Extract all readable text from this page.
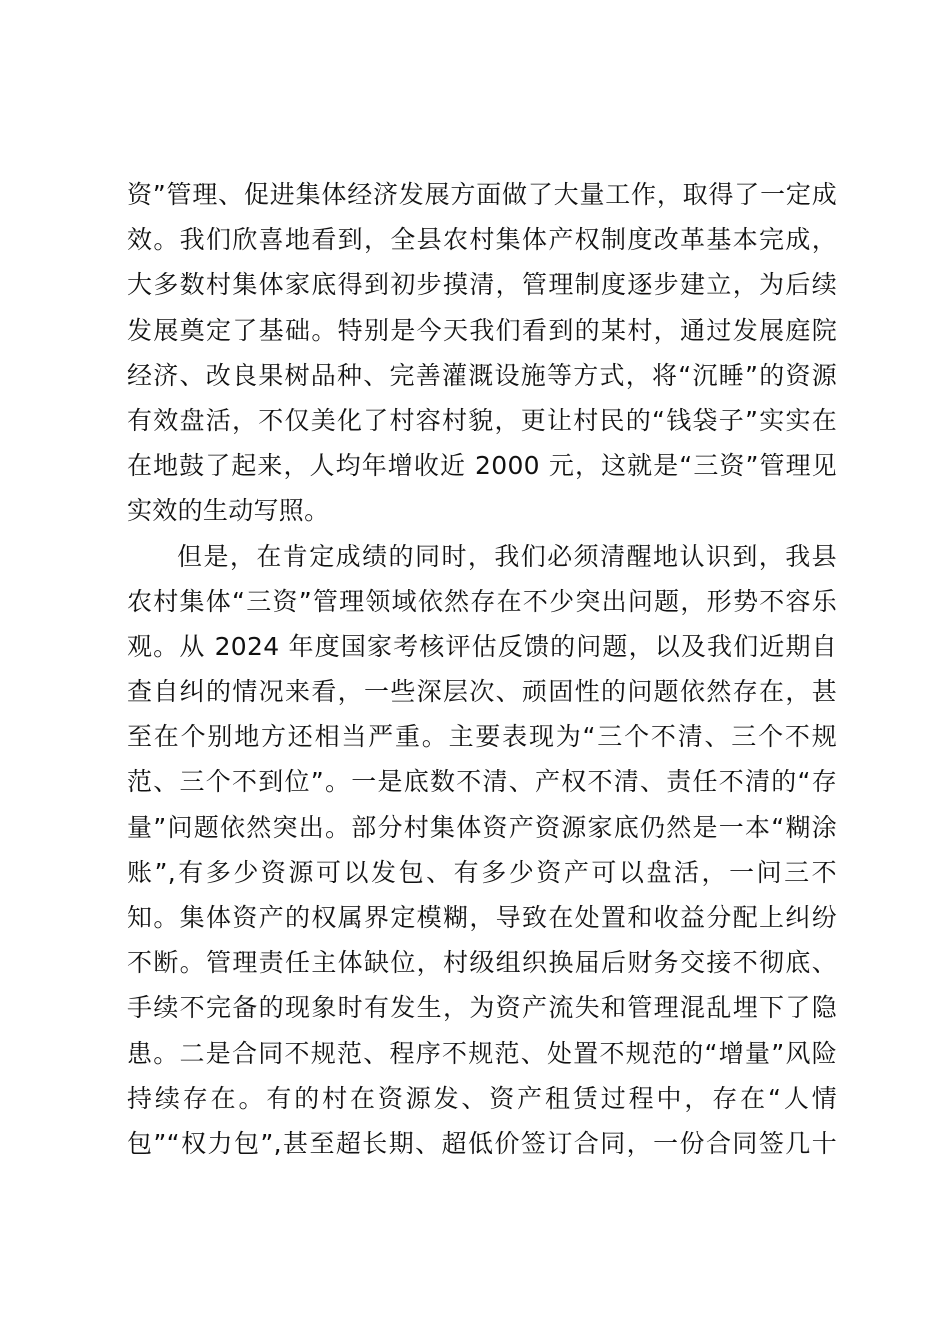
资”管理、促进集体经济发展方面做了大量工作，取得了一定成
效。我们欣喜地看到，全县农村集体产权制度改革基本完成，
大多数村集体家底得到初步摸清，管理制度逐步建立，为后续
发展奠定了基础。特别是今天我们看到的某村，通过发展庭院
经济、改良果树品种、完善灌溉设施等方式，将“沉睡”的资源
有效盘活，不仅美化了村容村貌，更让村民的“钱袋子”实实在
在地鼓了起来，人均年增收近 2000 元，这就是“三资”管理见
实效的生动写照。
但是，在肯定成绩的同时，我们必须清醒地认识到，我县
农村集体“三资”管理领域依然存在不少突出问题，形势不容乐
观。从 2024 年度国家考核评估反馈的问题，以及我们近期自
查自纠的情况来看，一些深层次、顽固性的问题依然存在，甚
至在个别地方还相当严重。主要表现为“三个不清、三个不规
范、三个不到位”。一是底数不清、产权不清、责任不清的“存
量”问题依然突出。部分村集体资产资源家底仍然是一本“糊涂
账”,有多少资源可以发包、有多少资产可以盘活，一问三不
知。集体资产的权属界定模糊，导致在处置和收益分配上纠纷
不断。管理责任主体缺位，村级组织换届后财务交接不彻底、
手续不完备的现象时有发生，为资产流失和管理混乱埋下了隐
患。二是合同不规范、程序不规范、处置不规范的“增量”风险
持续存在。有的村在资源发、资产租赁过程中，存在“人情
包”“权力包”,甚至超长期、超低价签订合同，一份合同签几十
